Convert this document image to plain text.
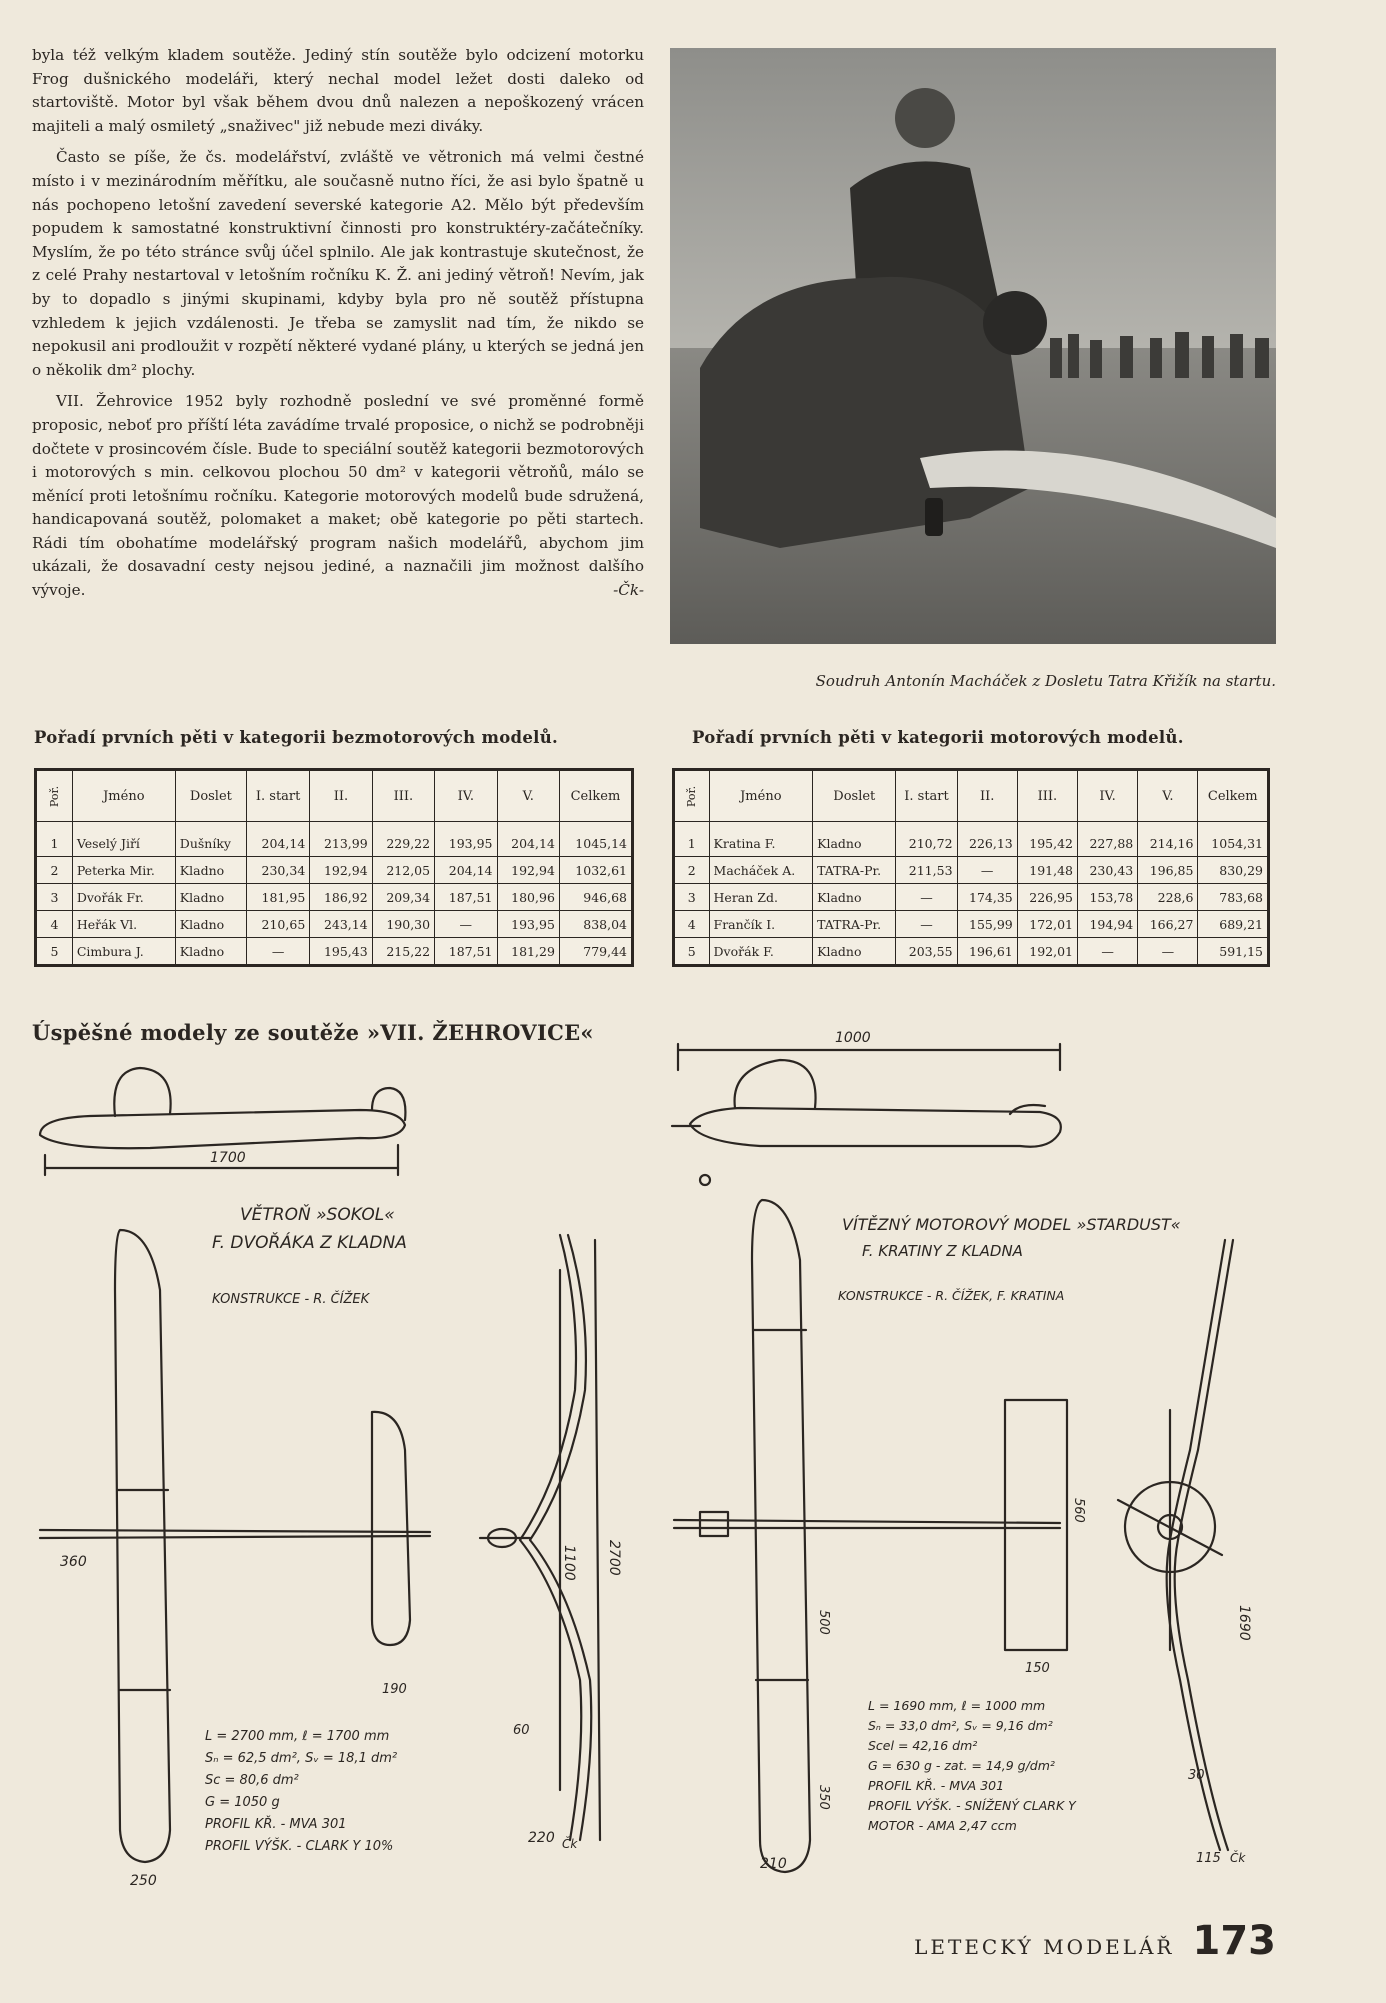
byla též velkým kladem soutěže. Jediný stín soutěže bylo odcizení motorku Frog dušnického modeláři, který nechal model ležet dosti daleko od startoviště. Motor byl však během dvou dnů nalezen a nepoškozený vrácen majiteli a malý osmiletý „snaživec" již nebude mezi diváky.

Často se píše, že čs. modelářství, zvláště ve větronich má velmi čestné místo i v mezinárodním měřítku, ale současně nutno říci, že asi bylo špatně u nás pochopeno letošní zavedení severské kategorie A2. Mělo být především popudem k samostatné konstruktivní činnosti pro konstruktéry-začátečníky. Myslím, že po této stránce svůj účel splnilo. Ale jak kontrastuje skutečnost, že z celé Prahy nestartoval v letošním ročníku K. Ž. ani jediný větroň! Nevím, jak by to dopadlo s jinými skupinami, kdyby byla pro ně soutěž přístupna vzhledem k jejich vzdálenosti. Je třeba se zamyslit nad tím, že nikdo se nepokusil ani prodloužit v rozpětí některé vydané plány, u kterých se jedná jen o několik dm² plochy.

VII. Žehrovice 1952 byly rozhodně poslední ve své proměnné formě proposic, neboť pro příští léta zavádíme trvalé proposice, o nichž se podrobněji dočtete v prosincovém čísle. Bude to speciální soutěž kategorii bezmotorových i motorových s min. celkovou plochou 50 dm² v kategorii větroňů, málo se měnící proti letošnímu ročníku. Kategorie motorových modelů bude sdružená, handicapovaná soutěž, polomaket a maket; obě kategorie po pěti startech. Rádi tím obohatíme modelářský program našich modelářů, abychom jim ukázali, že dosavadní cesty nejsou jediné, a naznačili jim možnost dalšího vývoje.	-Čk-

Soudruh Antonín Macháček z Dosletu Tatra Křižík na startu.
Pořadí prvních pěti v kategorii bezmotorových modelů.
Poř.	Jméno	Doslet	I. start	II.	III.	IV.	V.	Celkem
1	Veselý Jiří	Dušníky	204,14	213,99	229,22	193,95	204,14	1045,14
2	Peterka Mir.	Kladno	230,34	192,94	212,05	204,14	192,94	1032,61
3	Dvořák Fr.	Kladno	181,95	186,92	209,34	187,51	180,96	946,68
4	Heřák Vl.	Kladno	210,65	243,14	190,30	—	193,95	838,04
5	Cimbura J.	Kladno	—	195,43	215,22	187,51	181,29	779,44
Pořadí prvních pěti v kategorii motorových modelů.
Poř.	Jméno	Doslet	I. start	II.	III.	IV.	V.	Celkem
1	Kratina F.	Kladno	210,72	226,13	195,42	227,88	214,16	1054,31
2	Macháček A.	TATRA-Pr.	211,53	—	191,48	230,43	196,85	830,29
3	Heran Zd.	Kladno	—	174,35	226,95	153,78	228,6	783,68
4	Frančík I.	TATRA-Pr.	—	155,99	172,01	194,94	166,27	689,21
5	Dvořák F.	Kladno	203,55	196,61	192,01	—	—	591,15
Úspěšné modely ze soutěže »VII. ŽEHROVICE«
1700
VĚTROŇ »SOKOL«
F. DVOŘÁKA Z KLADNA
KONSTRUKCE - R. ČÍŽEK
360
190
250
1100 2700
60
220 Čk
L = 2700 mm, ℓ = 1700 mm
Sₙ = 62,5 dm², Sᵥ = 18,1 dm²
Sc = 80,6 dm²
G = 1050 g
PROFIL KŘ. - MVA 301
PROFIL VÝŠK. - CLARK Y 10%
1000
VÍTĚZNÝ MOTOROVÝ MODEL »STARDUST«
F. KRATINY Z KLADNA
KONSTRUKCE - R. ČÍŽEK, F. KRATINA
560
150
500
350
210
1690
30
115 Čk
L = 1690 mm, ℓ = 1000 mm
Sₙ = 33,0 dm², Sᵥ = 9,16 dm²
Scel = 42,16 dm²
G = 630 g - zat. = 14,9 g/dm²
PROFIL KŘ. - MVA 301
PROFIL VÝŠK. - SNÍŽENÝ CLARK Y
MOTOR - AMA 2,47 ccm
LETECKÝ MODELÁŘ 173
